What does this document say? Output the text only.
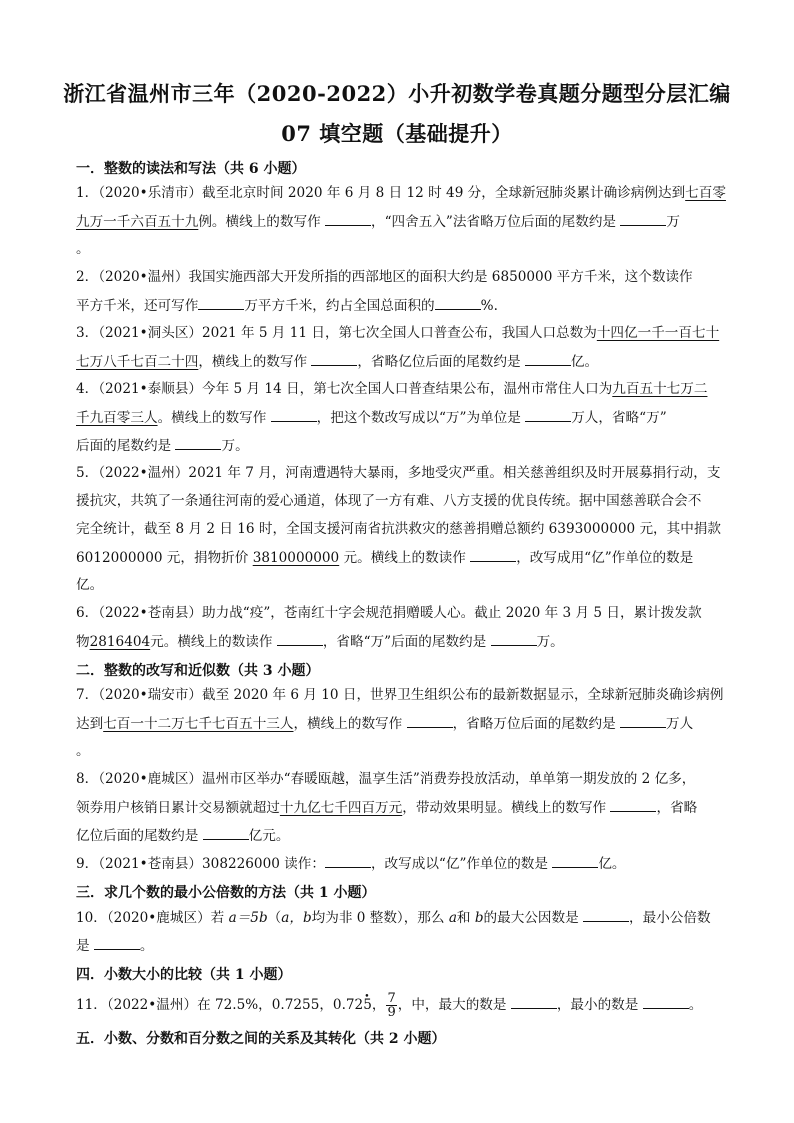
浙江省温州市三年（2020-2022）小升初数学卷真题分题型分层汇编
07 填空题（基础提升）
一．整数的读法和写法（共 6 小题）
1．（2020•乐清市）截至北京时间 2020 年 6 月 8 日 12 时 49 分，全球新冠肺炎累计确诊病例达到七百零
九万一千六百五十九例。横线上的数写作	，“四舍五入”法省略万位后面的尾数约是	万
。
2．（2020•温州）我国实施西部大开发所指的西部地区的面积大约是 6850000 平方千米，这个数读作
平方千米，还可写作	万平方千米，约占全国总面积的	%.
3．（2021•洞头区）2021 年 5 月 11 日，第七次全国人口普查公布，我国人口总数为十四亿一千一百七十
七万八千七百二十四，横线上的数写作	，省略亿位后面的尾数约是	亿。
4．（2021•泰顺县）今年 5 月 14 日，第七次全国人口普查结果公布，温州市常住人口为九百五十七万二
千九百零三人。横线上的数写作	，把这个数改写成以“万”为单位是	万人，省略“万”
后面的尾数约是	万。
5．（2022•温州）2021 年 7 月，河南遭遇特大暴雨，多地受灾严重。相关慈善组织及时开展募捐行动，支
援抗灾，共筑了一条通往河南的爱心通道，体现了一方有难、八方支援的优良传统。据中国慈善联合会不
完全统计，截至 8 月 2 日 16 时，全国支援河南省抗洪救灾的慈善捐赠总额约 6393000000 元，其中捐款
6012000000 元，捐物折价 3810000000 元。横线上的数读作	，改写成用“亿”作单位的数是
亿。
6．（2022•苍南县）助力战“疫”，苍南红十字会规范捐赠暖人心。截止 2020 年 3 月 5 日，累计拨发款
物2816404元。横线上的数读作	，省略“万”后面的尾数约是	万。
二．整数的改写和近似数（共 3 小题）
7．（2020•瑞安市）截至 2020 年 6 月 10 日，世界卫生组织公布的最新数据显示，全球新冠肺炎确诊病例
达到七百一十二万七千七百五十三人，横线上的数写作	，省略万位后面的尾数约是	万人
。
8．（2020•鹿城区）温州市区举办“春暖瓯越，温享生活”消费券投放活动，单单第一期发放的 2 亿多，
领券用户核销日累计交易额就超过十九亿七千四百万元，带动效果明显。横线上的数写作	，省略
亿位后面的尾数约是	亿元。
9．（2021•苍南县）308226000 读作：	，改写成以“亿”作单位的数是	亿。
三．求几个数的最小公倍数的方法（共 1 小题）
10．（2020•鹿城区）若 a＝5b（a，b均为非 0 整数），那么 a和 b的最大公因数是	，最小公倍数
是	。
四．小数大小的比较（共 1 小题）
11．（2022•温州）在 72.5%，0.7255，0.72• 5， $\frac{7}{9}$ ，中，最大的数是	，最小的数是	。
五．小数、分数和百分数之间的关系及其转化（共 2 小题）
